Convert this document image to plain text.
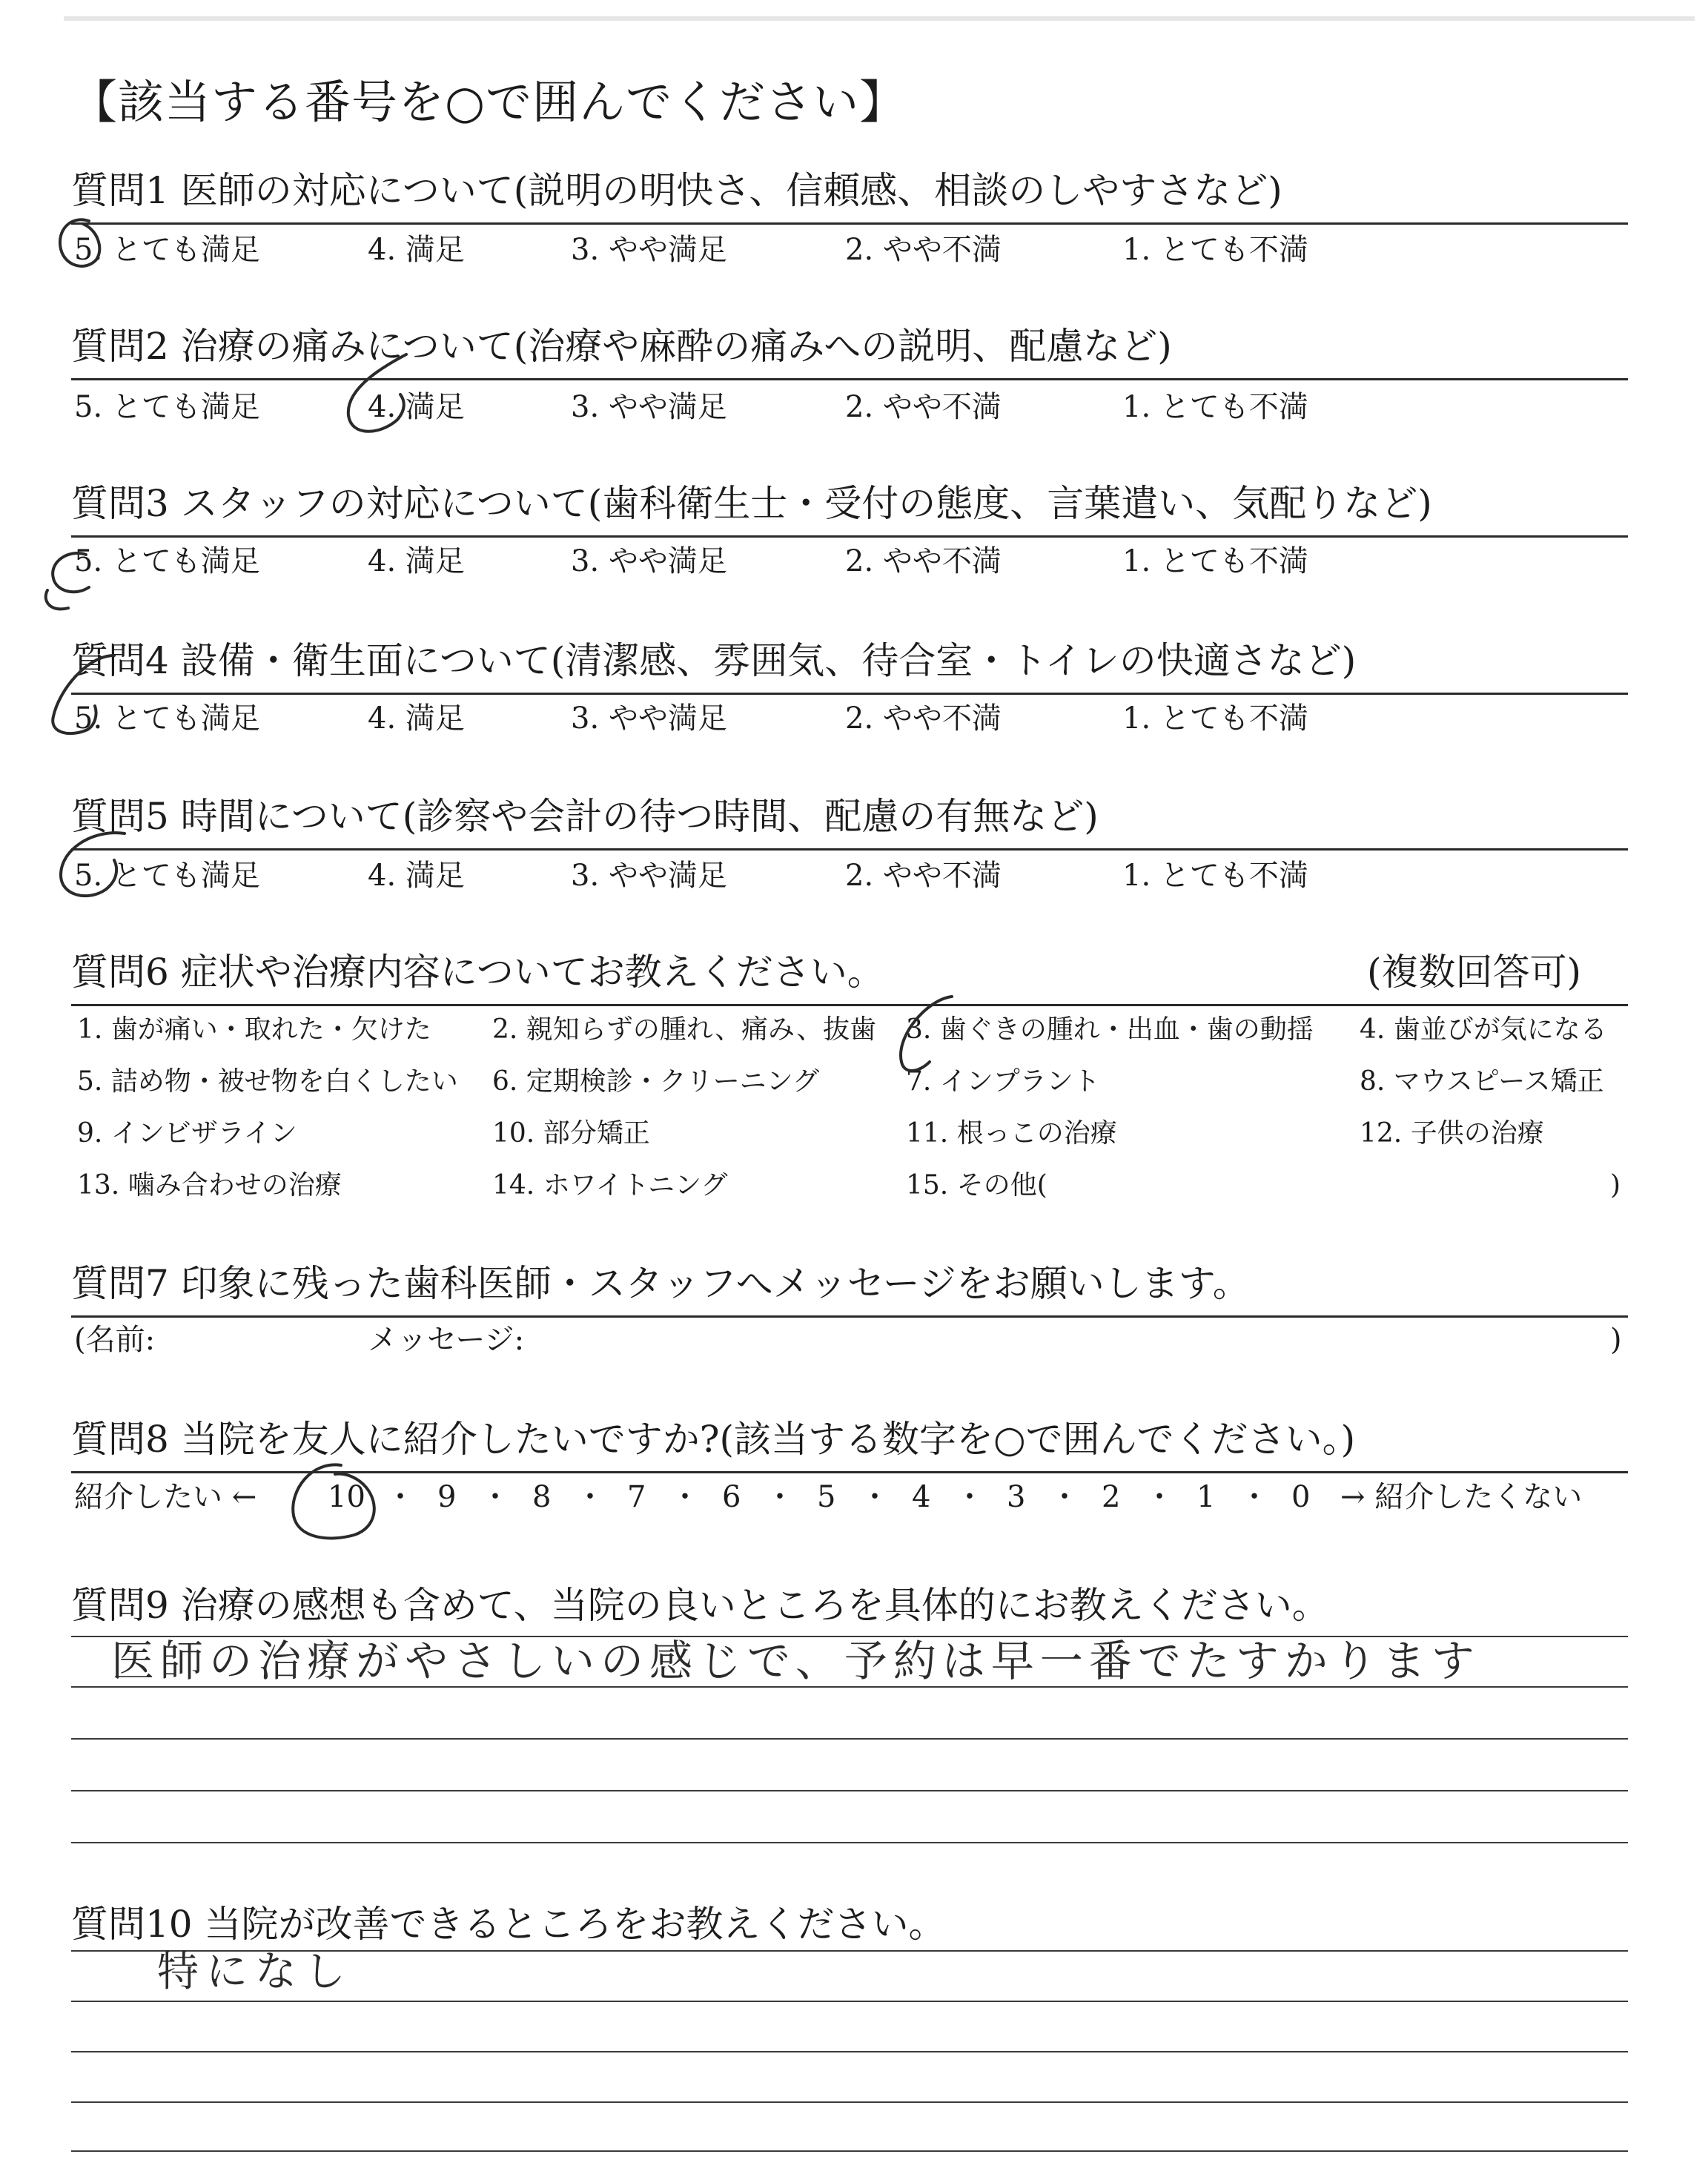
【該当する番号を○で囲んでください】
質問1 医師の対応について(説明の明快さ、信頼感、相談のしやすさなど)
5. とても満足	4. 満足	3. やや満足	2. やや不満	1. とても不満
質問2 治療の痛みについて(治療や麻酔の痛みへの説明、配慮など)
5. とても満足	4. 満足	3. やや満足	2. やや不満	1. とても不満
質問3 スタッフの対応について(歯科衛生士・受付の態度、言葉遣い、気配りなど)
5. とても満足	4. 満足	3. やや満足	2. やや不満	1. とても不満
質問4 設備・衛生面について(清潔感、雰囲気、待合室・トイレの快適さなど)
5. とても満足	4. 満足	3. やや満足	2. やや不満	1. とても不満
質問5 時間について(診察や会計の待つ時間、配慮の有無など)
5. とても満足	4. 満足	3. やや満足	2. やや不満	1. とても不満
質問6 症状や治療内容についてお教えください。	(複数回答可)
1. 歯が痛い・取れた・欠けた 2. 親知らずの腫れ、痛み、抜歯 3. 歯ぐきの腫れ・出血・歯の動揺 4. 歯並びが気になる
5. 詰め物・被せ物を白くしたい 6. 定期検診・クリーニング	7. インプラント	8. マウスピース矯正
9. インビザライン	10. 部分矯正	11. 根っこの治療	12. 子供の治療
13. 噛み合わせの治療	14. ホワイトニング	15. その他(	)
質問7 印象に残った歯科医師・スタッフへメッセージをお願いします。
(名前:	メッセージ:	)
質問8 当院を友人に紹介したいですか?(該当する数字を○で囲んでください。)
紹介したい ← 10 ・ 9 ・ 8 ・ 7 ・ 6 ・ 5 ・ 4 ・ 3 ・ 2 ・ 1 ・ 0 → 紹介したくない
質問9 治療の感想も含めて、当院の良いところを具体的にお教えください。
医師の治療がやさしいの感じで、予約は早一番でたすかります
質問10 当院が改善できるところをお教えください。
特になし
